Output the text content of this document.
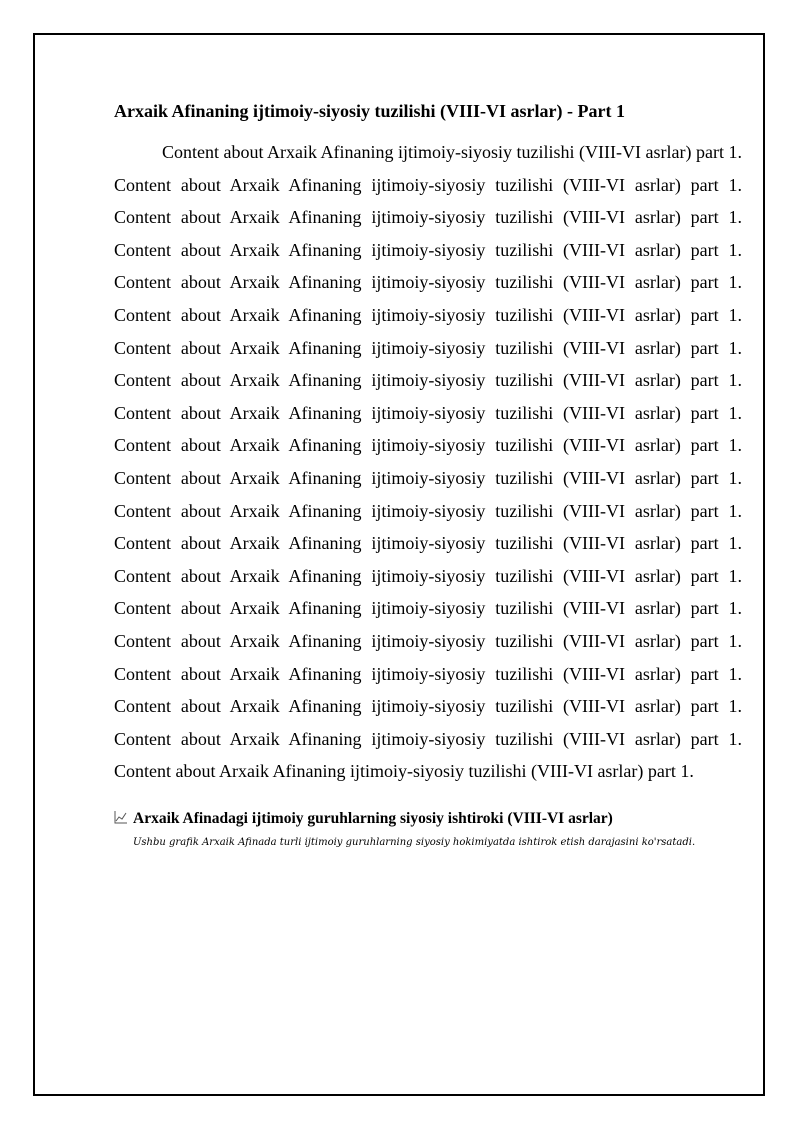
Arxaik Afinaning ijtimoiy-siyosiy tuzilishi (VIII-VI asrlar) - Part 1

Content about Arxaik Afinaning ijtimoiy-siyosiy tuzilishi (VIII-VI asrlar) part 1. Content about Arxaik Afinaning ijtimoiy-siyosiy tuzilishi (VIII-VI asrlar) part 1. Content about Arxaik Afinaning ijtimoiy-siyosiy tuzilishi (VIII-VI asrlar) part 1. Content about Arxaik Afinaning ijtimoiy-siyosiy tuzilishi (VIII-VI asrlar) part 1. Content about Arxaik Afinaning ijtimoiy-siyosiy tuzilishi (VIII-VI asrlar) part 1. Content about Arxaik Afinaning ijtimoiy-siyosiy tuzilishi (VIII-VI asrlar) part 1. Content about Arxaik Afinaning ijtimoiy-siyosiy tuzilishi (VIII-VI asrlar) part 1. Content about Arxaik Afinaning ijtimoiy-siyosiy tuzilishi (VIII-VI asrlar) part 1. Content about Arxaik Afinaning ijtimoiy-siyosiy tuzilishi (VIII-VI asrlar) part 1. Content about Arxaik Afinaning ijtimoiy-siyosiy tuzilishi (VIII-VI asrlar) part 1. Content about Arxaik Afinaning ijtimoiy-siyosiy tuzilishi (VIII-VI asrlar) part 1. Content about Arxaik Afinaning ijtimoiy-siyosiy tuzilishi (VIII-VI asrlar) part 1. Content about Arxaik Afinaning ijtimoiy-siyosiy tuzilishi (VIII-VI asrlar) part 1. Content about Arxaik Afinaning ijtimoiy-siyosiy tuzilishi (VIII-VI asrlar) part 1. Content about Arxaik Afinaning ijtimoiy-siyosiy tuzilishi (VIII-VI asrlar) part 1. Content about Arxaik Afinaning ijtimoiy-siyosiy tuzilishi (VIII-VI asrlar) part 1. Content about Arxaik Afinaning ijtimoiy-siyosiy tuzilishi (VIII-VI asrlar) part 1. Content about Arxaik Afinaning ijtimoiy-siyosiy tuzilishi (VIII-VI asrlar) part 1. Content about Arxaik Afinaning ijtimoiy-siyosiy tuzilishi (VIII-VI asrlar) part 1. Content about Arxaik Afinaning ijtimoiy-siyosiy tuzilishi (VIII-VI asrlar) part 1.

Arxaik Afinadagi ijtimoiy guruhlarning siyosiy ishtiroki (VIII-VI asrlar)
Ushbu grafik Arxaik Afinada turli ijtimoiy guruhlarning siyosiy hokimiyatda ishtirok etish darajasini ko'rsatadi.
